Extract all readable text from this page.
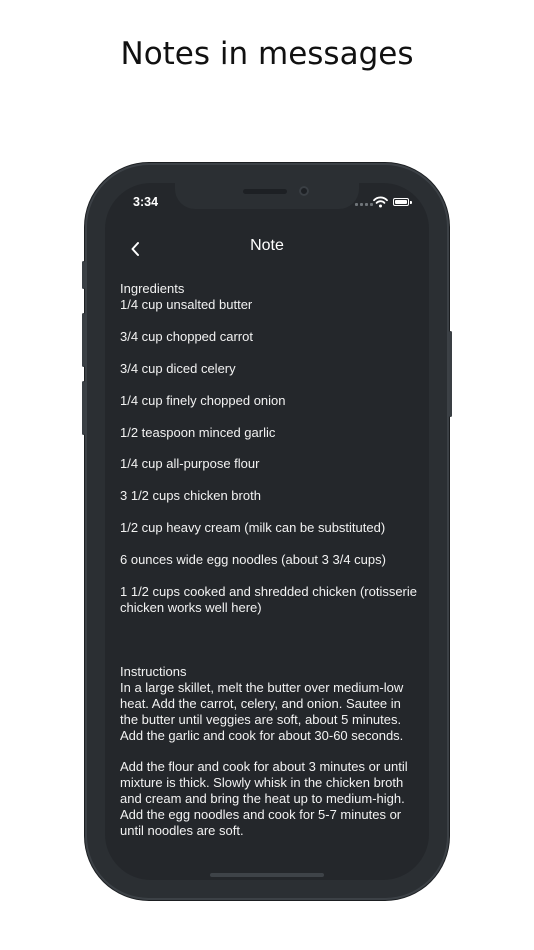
Notes in messages
3:34
Note

Ingredients

1/4 cup unsalted butter

3/4 cup chopped carrot

3/4 cup diced celery

1/4 cup finely chopped onion

1/2 teaspoon minced garlic

1/4 cup all-purpose flour

3 1/2 cups chicken broth

1/2 cup heavy cream (milk can be substituted)

6 ounces wide egg noodles (about 3 3/4 cups)

1 1/2 cups cooked and shredded chicken (rotisserie chicken works well here)

Instructions

In a large skillet, melt the butter over medium-low heat. Add the carrot, celery, and onion. Sautee in the butter until veggies are soft, about 5 minutes. Add the garlic and cook for about 30-60 seconds.

Add the flour and cook for about 3 minutes or until mixture is thick. Slowly whisk in the chicken broth and cream and bring the heat up to medium-high. Add the egg noodles and cook for 5-7 minutes or until noodles are soft.
